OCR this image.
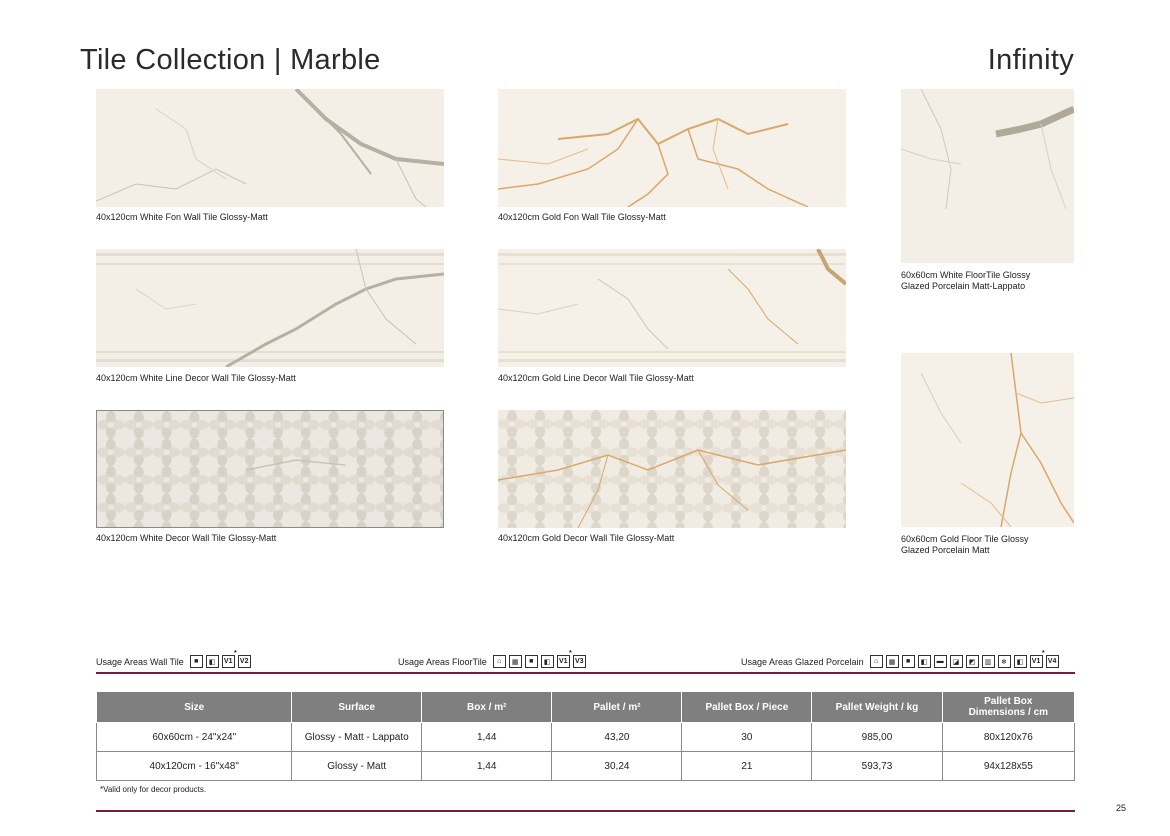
Tile Collection | Marble	Infinity
40x120cm White Fon Wall Tile Glossy-Matt	40x120cm Gold Fon Wall Tile Glossy-Matt
60x60cm White FloorTile Glossy
Glazed Porcelain Matt-Lappato
40x120cm White Line Decor Wall Tile Glossy-Matt	40x120cm Gold Line Decor Wall Tile Glossy-Matt
60x60cm Gold Floor Tile Glossy
Glazed Porcelain Matt
40x120cm White Decor Wall Tile Glossy-Matt	40x120cm Gold Decor Wall Tile Glossy-Matt
Usage Areas Wall Tile	■	◧	V1
*
V2	Usage Areas FloorTile	⌂	▦	■	◧	V1
*
V3	Usage Areas Glazed Porcelain	⌂	▦	■	◧	▬	◪	◩	▥	❄	◧	V1
*
V4
Size	Surface	Box / m²	Pallet / m²	Pallet Box / Piece	Pallet Weight / kg	Pallet Box
Dimensions / cm
60x60cm - 24"x24"	Glossy - Matt - Lappato	1,44	43,20	30	985,00	80x120x76
40x120cm - 16"x48"	Glossy - Matt	1,44	30,24	21	593,73	94x128x55
*Valid only for decor products.
25
